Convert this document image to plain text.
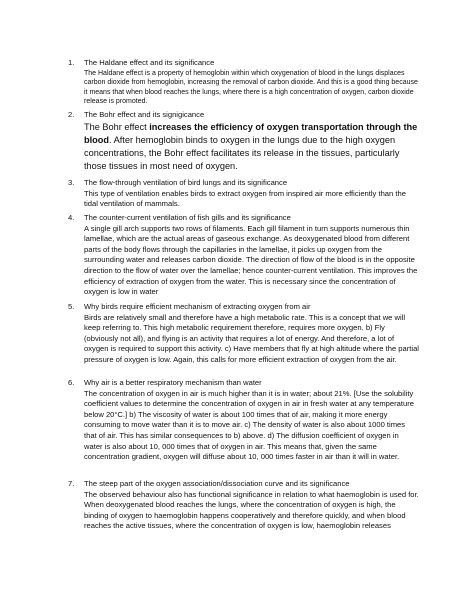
1. The Haldane effect and its significance

The Haldane effect is a property of hemoglobin within which oxygenation of blood in the lungs displaces carbon dioxide from hemoglobin, increasing the removal of carbon dioxide. And this is a good thing because it means that when blood reaches the lungs, where there is a high concentration of oxygen, carbon dioxide release is promoted.

2. The Bohr effect and its signigicance

The Bohr effect increases the efficiency of oxygen transportation through the blood. After hemoglobin binds to oxygen in the lungs due to the high oxygen concentrations, the Bohr effect facilitates its release in the tissues, particularly those tissues in most need of oxygen.

3. The flow-through ventilation of bird lungs and its significance

This type of ventilation enables birds to extract oxygen from inspired air more efficiently than the tidal ventilation of mammals.

4. The counter-current ventilation of fish gills and its significance

A single gill arch supports two rows of filaments. Each gill filament in turn supports numerous thin lamellae, which are the actual areas of gaseous exchange. As deoxygenated blood from different parts of the body flows through the capillaries in the lamellae, it picks up oxygen from the surrounding water and releases carbon dioxide. The direction of flow of the blood is in the opposite direction to the flow of water over the lamellae; hence counter-current ventilation. This improves the efficiency of extraction of oxygen from the water. This is necessary since the concentration of oxygen is low in water

5. Why birds require efficient mechanism of extracting oxygen from air

Birds are relatively small and therefore have a high metabolic rate. This is a concept that we will keep referring to. This high metabolic requirement therefore, requires more oxygen. b) Fly (obviously not all), and flying is an activity that requires a lot of energy. And therefore, a lot of oxygen is required to support this activity. c) Have members that fly at high altitude where the partial pressure of oxygen is low. Again, this calls for more efficient extraction of oxygen from the air.

6. Why air is a better respiratory mechanism than water

The concentration of oxygen in air is much higher than it is in water; about 21%. [Use the solubility coefficient values to determine the concentration of oxygen in air in fresh water at any temperature below 20°C.] b) The viscosity of water is about 100 times that of air, making it more energy consuming to move water than it is to move air. c) The density of water is also about 1000 times that of air. This has similar consequences to b) above. d) The diffusion coefficient of oxygen in water is also about 10, 000 times that of oxygen in air. This means that, given the same concentration gradient, oxygen will diffuse about 10, 000 times faster in air than it will in water.

7. The steep part of the oxygen association/dissociation curve and its significance

The observed behaviour also has functional significance in relation to what haemoglobin is used for. When deoxygenated blood reaches the lungs, where the concentration of oxygen is high, the binding of oxygen to haemoglobin happens cooperatively and therefore quickly, and when blood reaches the active tissues, where the concentration of oxygen is low, haemoglobin releases
